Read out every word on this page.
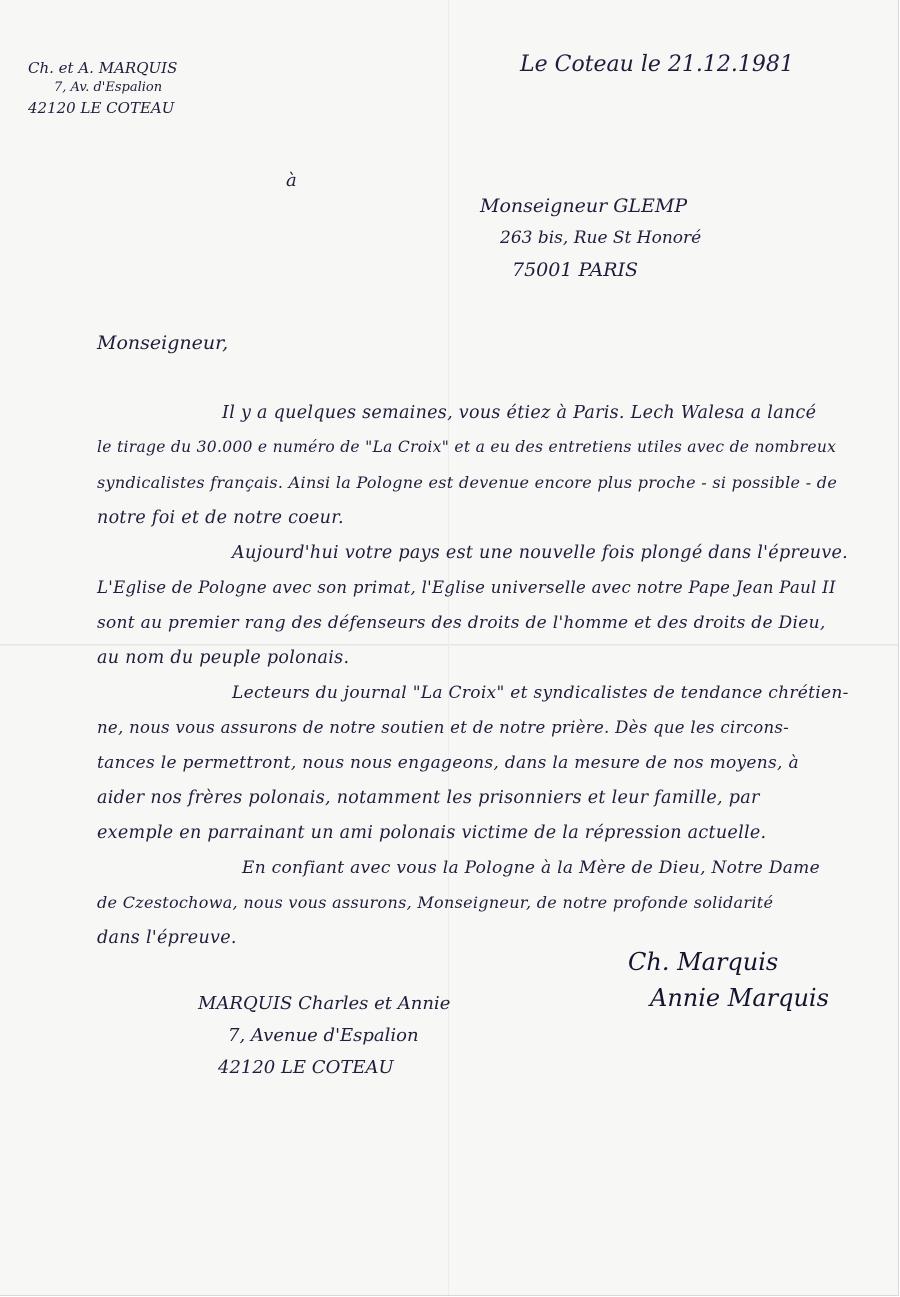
Ch. et A. MARQUIS
7, Av. d'Espalion
42120 LE COTEAU
Le Coteau le 21.12.1981
à
Monseigneur GLEMP
263 bis, Rue St Honoré
75001 PARIS
Monseigneur,
Il y a quelques semaines, vous étiez à Paris. Lech Walesa a lancé
le tirage du 30.000 e numéro de "La Croix" et a eu des entretiens utiles avec de nombreux
syndicalistes français. Ainsi la Pologne est devenue encore plus proche - si possible - de
notre foi et de notre coeur.
Aujourd'hui votre pays est une nouvelle fois plongé dans l'épreuve.
L'Eglise de Pologne avec son primat, l'Eglise universelle avec notre Pape Jean Paul II
sont au premier rang des défenseurs des droits de l'homme et des droits de Dieu,
au nom du peuple polonais.
Lecteurs du journal "La Croix" et syndicalistes de tendance chrétien-
ne, nous vous assurons de notre soutien et de notre prière. Dès que les circons-
tances le permettront, nous nous engageons, dans la mesure de nos moyens, à
aider nos frères polonais, notamment les prisonniers et leur famille, par
exemple en parrainant un ami polonais victime de la répression actuelle.
En confiant avec vous la Pologne à la Mère de Dieu, Notre Dame
de Czestochowa, nous vous assurons, Monseigneur, de notre profonde solidarité
dans l'épreuve.
Ch. Marquis
Annie Marquis
MARQUIS Charles et Annie
7, Avenue d'Espalion
42120 LE COTEAU
